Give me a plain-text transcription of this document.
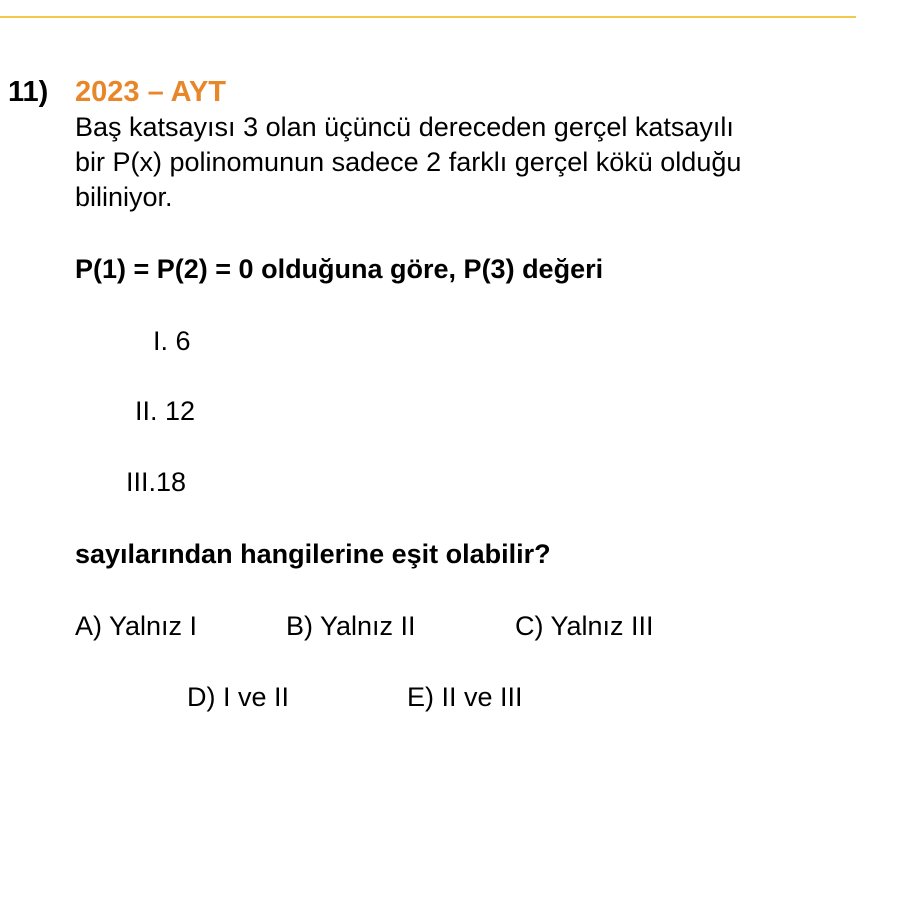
11) 2023 – AYT
Baş katsayısı 3 olan üçüncü dereceden gerçel katsayılı
bir P(x) polinomunun sadece 2 farklı gerçel kökü olduğu
biliniyor.
P(1) = P(2) = 0 olduğuna göre, P(3) değeri
I. 6
II. 12
III.18
sayılarından hangilerine eşit olabilir?
A) Yalnız I	B) Yalnız II	C) Yalnız III
D) I ve II	E) II ve III
